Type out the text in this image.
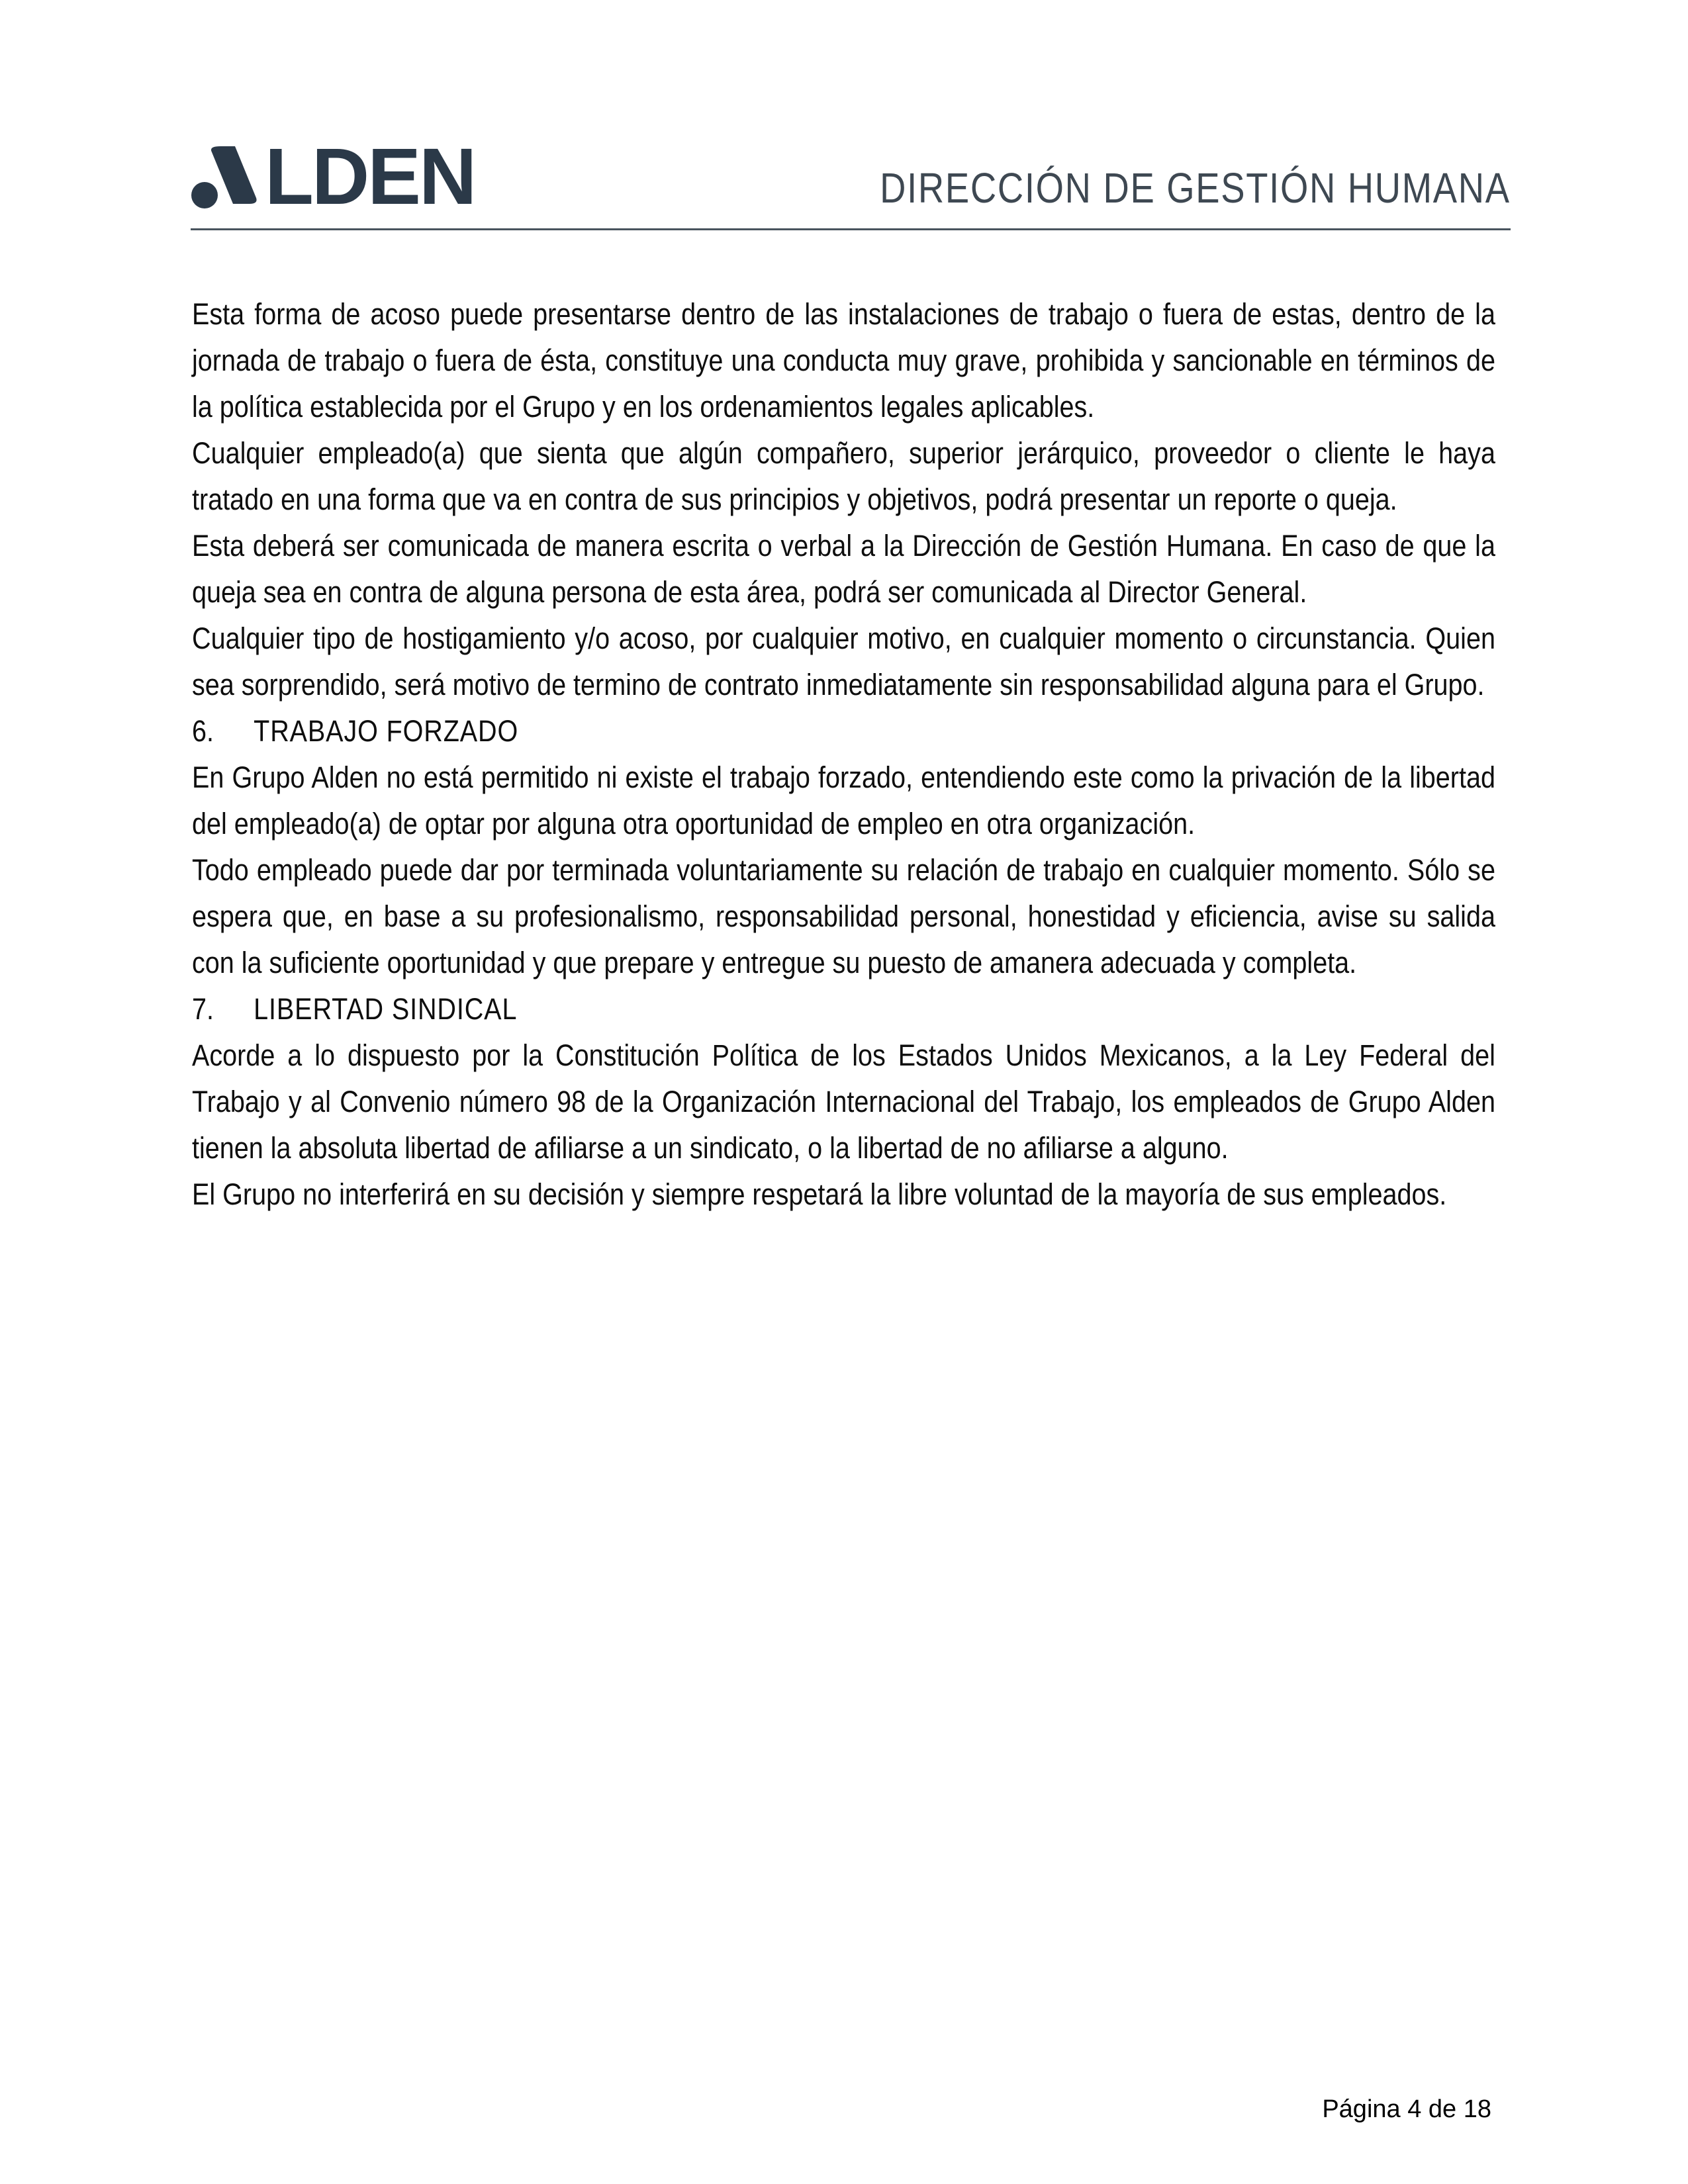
LDEN	DIRECCIÓN DE GESTIÓN HUMANA

Esta forma de acoso puede presentarse dentro de las instalaciones de trabajo o fuera de estas, dentro de la jornada de trabajo o fuera de ésta, constituye una conducta muy grave, prohibida y sancionable en términos de la política establecida por el Grupo y en los ordenamientos legales aplicables.

Cualquier empleado(a) que sienta que algún compañero, superior jerárquico, proveedor o cliente le haya tratado en una forma que va en contra de sus principios y objetivos, podrá presentar un reporte o queja.

Esta deberá ser comunicada de manera escrita o verbal a la Dirección de Gestión Humana. En caso de que la queja sea en contra de alguna persona de esta área, podrá ser comunicada al Director General.

Cualquier tipo de hostigamiento y/o acoso, por cualquier motivo, en cualquier momento o circunstancia. Quien sea sorprendido, será motivo de termino de contrato inmediatamente sin responsabilidad alguna para el Grupo.

6.	TRABAJO FORZADO

En Grupo Alden no está permitido ni existe el trabajo forzado, entendiendo este como la privación de la libertad del empleado(a) de optar por alguna otra oportunidad de empleo en otra organización.

Todo empleado puede dar por terminada voluntariamente su relación de trabajo en cualquier momento. Sólo se espera que, en base a su profesionalismo, responsabilidad personal, honestidad y eficiencia, avise su salida con la suficiente oportunidad y que prepare y entregue su puesto de amanera adecuada y completa.

7.	LIBERTAD SINDICAL

Acorde a lo dispuesto por la Constitución Política de los Estados Unidos Mexicanos, a la Ley Federal del Trabajo y al Convenio número 98 de la Organización Internacional del Trabajo, los empleados de Grupo Alden tienen la absoluta libertad de afiliarse a un sindicato, o la libertad de no afiliarse a alguno.

El Grupo no interferirá en su decisión y siempre respetará la libre voluntad de la mayoría de sus empleados.

Página 4 de 18
